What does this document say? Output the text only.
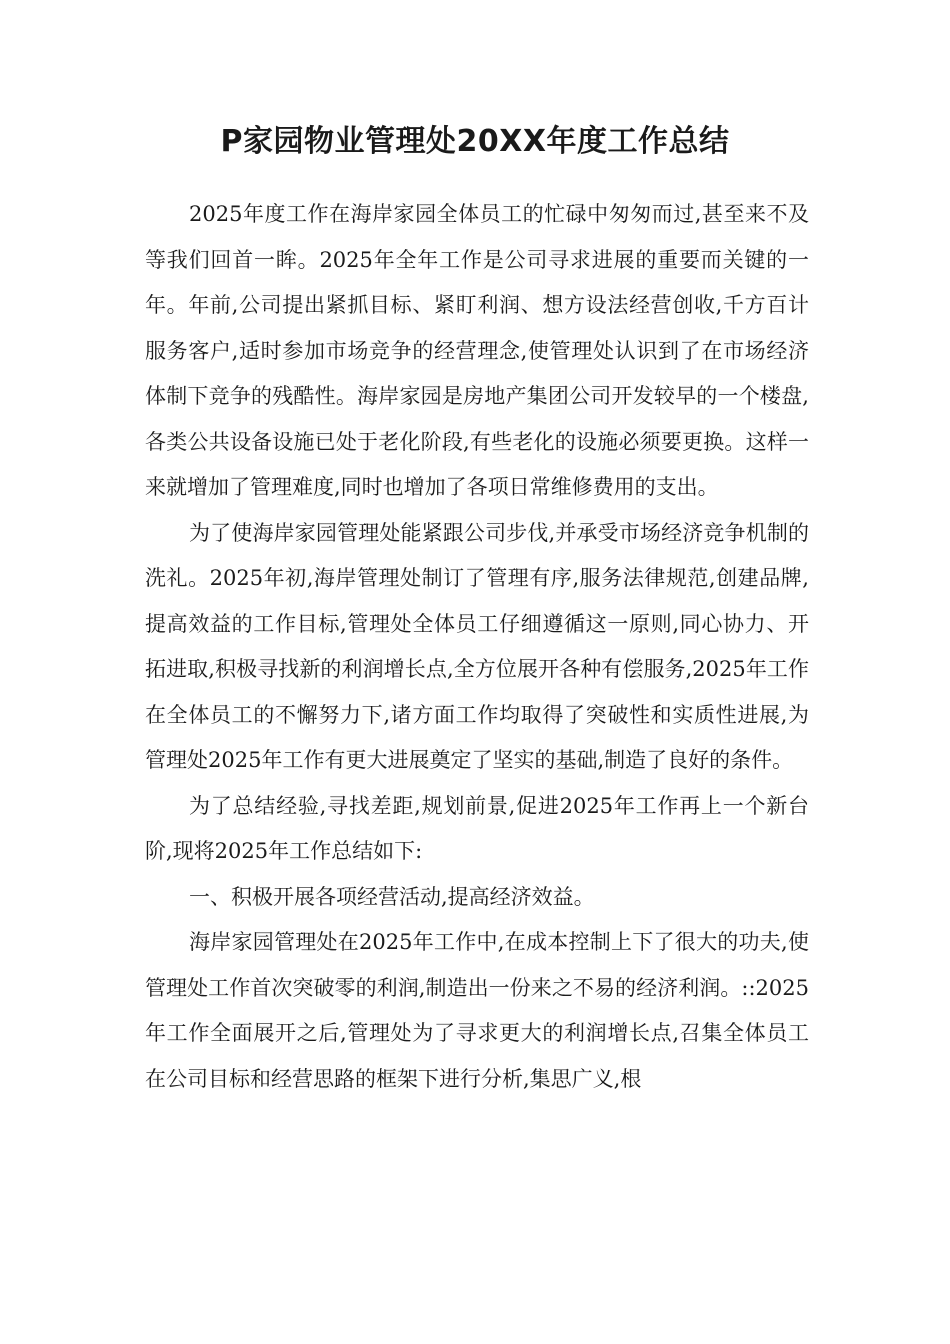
P家园物业管理处20XX年度工作总结

2025年度工作在海岸家园全体员工的忙碌中匆匆而过,甚至来不及等我们回首一眸。2025年全年工作是公司寻求进展的重要而关键的一年。年前,公司提出紧抓目标、紧盯利润、想方设法经营创收,千方百计服务客户,适时参加市场竞争的经营理念,使管理处认识到了在市场经济体制下竞争的残酷性。海岸家园是房地产集团公司开发较早的一个楼盘,各类公共设备设施已处于老化阶段,有些老化的设施必须要更换。这样一来就增加了管理难度,同时也增加了各项日常维修费用的支出。

为了使海岸家园管理处能紧跟公司步伐,并承受市场经济竞争机制的洗礼。2025年初,海岸管理处制订了管理有序,服务法律规范,创建品牌,提高效益的工作目标,管理处全体员工仔细遵循这一原则,同心协力、开拓进取,积极寻找新的利润增长点,全方位展开各种有偿服务,2025年工作在全体员工的不懈努力下,诸方面工作均取得了突破性和实质性进展,为管理处2025年工作有更大进展奠定了坚实的基础,制造了良好的条件。

为了总结经验,寻找差距,规划前景,促进2025年工作再上一个新台阶,现将2025年工作总结如下:

一、积极开展各项经营活动,提高经济效益。

海岸家园管理处在2025年工作中,在成本控制上下了很大的功夫,使管理处工作首次突破零的利润,制造出一份来之不易的经济利润。::2025年工作全面展开之后,管理处为了寻求更大的利润增长点,召集全体员工在公司目标和经营思路的框架下进行分析,集思广义,根
